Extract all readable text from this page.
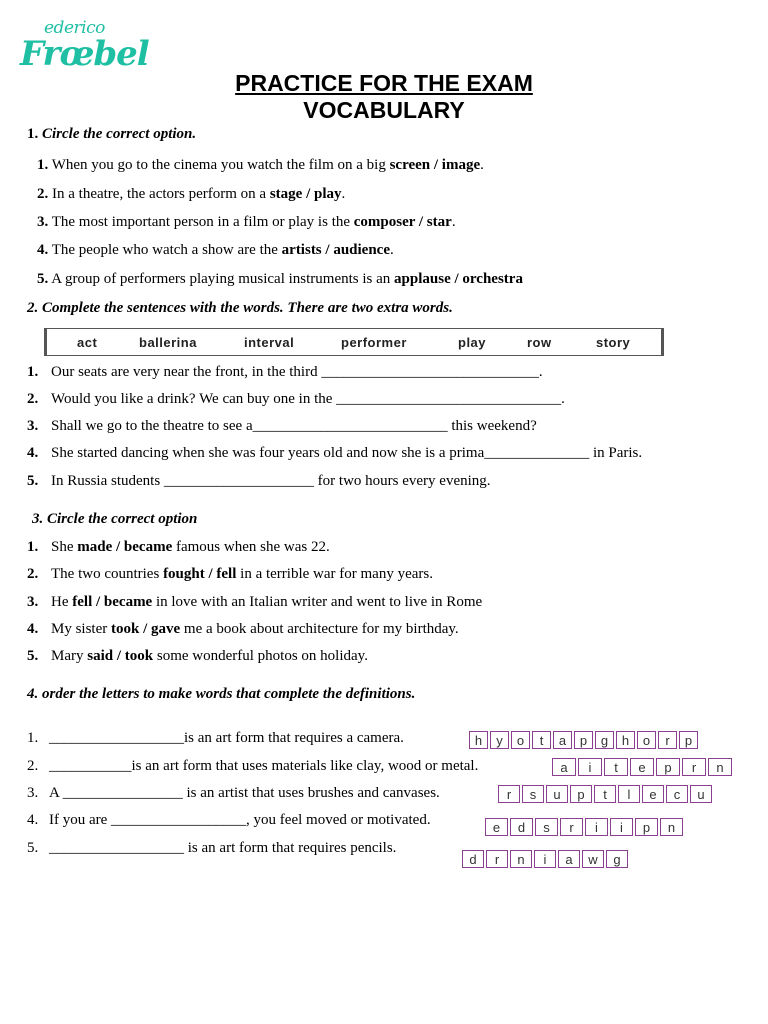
ederico
Frœbel
PRACTICE FOR THE EXAM
VOCABULARY
1. Circle the correct option.
1. When you go to the cinema you watch the film on a big screen / image.
2. In a theatre, the actors perform on a stage / play.
3. The most important person in a film or play is the composer / star.
4. The people who watch a show are the artists / audience.
5. A group of performers playing musical instruments is an applause / orchestra
2. Complete the sentences with the words. There are two extra words.
act	ballerina	interval	performer	play	row	story
1. Our seats are very near the front, in the third _____________________________.
2. Would you like a drink? We can buy one in the ______________________________.
3. Shall we go to the theatre to see a__________________________ this weekend?
4. She started dancing when she was four years old and now she is a prima______________ in Paris.
5. In Russia students ____________________ for two hours every evening.
3. Circle the correct option
1. She made / became famous when she was 22.
2. The two countries fought / fell in a terrible war for many years.
3. He fell / became in love with an Italian writer and went to live in Rome
4. My sister took / gave me a book about architecture for my birthday.
5. Mary said / took some wonderful photos on holiday.
4. order the letters to make words that complete the definitions.
1. __________________is an art form that requires a camera.
2. ___________is an art form that uses materials like clay, wood or metal.
3. A ________________ is an artist that uses brushes and canvases.
4. If you are __________________, you feel moved or motivated.
5. __________________ is an art form that requires pencils.
h	y	o	t	a	p	g	h	o	r	p
a	i	t	e	p	r	n
r	s	u	p	t	l	e	c	u
e	d	s	r	i	i	p	n
d	r	n	i	a	w	g
